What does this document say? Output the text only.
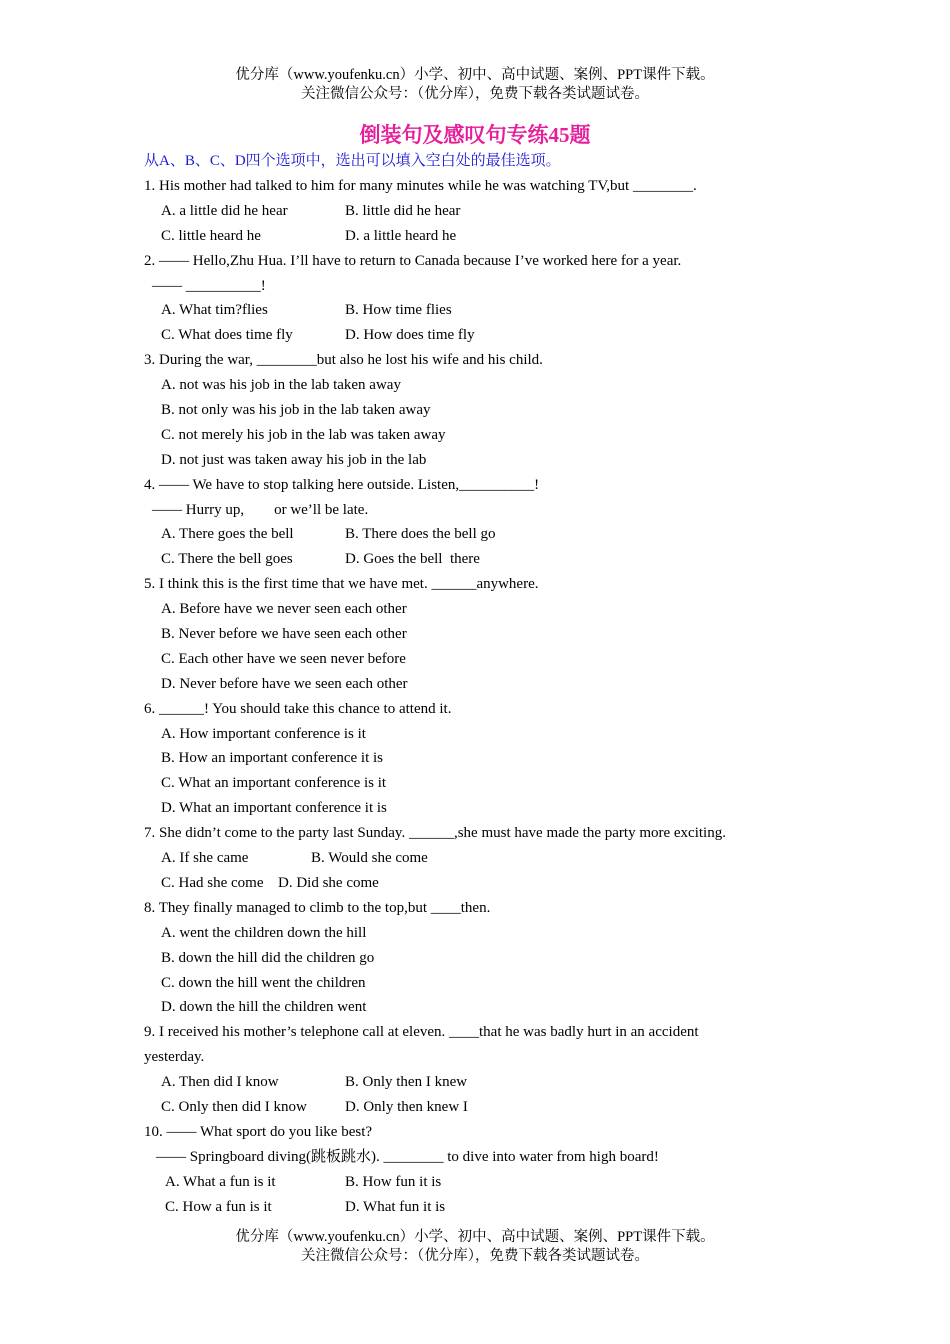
优分库（www.youfenku.cn）小学、初中、高中试题、案例、PPT课件下载。
关注微信公众号：（优分库），免费下载各类试题试卷。
倒装句及感叹句专练45题
从A、B、C、D四个选项中，选出可以填入空白处的最佳选项。
1. His mother had talked to him for many minutes while he was watching TV,but ________.
A. a little did he hear	B. little did he hear
C. little heard he	D. a little heard he
2. —— Hello,Zhu Hua. I’ll have to return to Canada because I’ve worked here for a year.
—— __________!
A. What tim?flies	B. How time flies
C. What does time fly	D. How does time fly
3. During the war, ________but also he lost his wife and his child.
A. not was his job in the lab taken away
B. not only was his job in the lab taken away
C. not merely his job in the lab was taken away
D. not just was taken away his job in the lab
4. —— We have to stop talking here outside. Listen,__________!
—— Hurry up,        or we’ll be late.
A. There goes the bell	B. There does the bell go
C. There the bell goes	D. Goes the bell  there
5. I think this is the first time that we have met. ______anywhere.
A. Before have we never seen each other
B. Never before we have seen each other
C. Each other have we seen never before
D. Never before have we seen each other
6. ______! You should take this chance to attend it.
A. How important conference is it
B. How an important conference it is
C. What an important conference is it
D. What an important conference it is
7. She didn’t come to the party last Sunday. ______,she must have made the party more exciting.
A. If she came	B. Would she come
C. Had she come D. Did she come
8. They finally managed to climb to the top,but ____then.
A. went the children down the hill
B. down the hill did the children go
C. down the hill went the children
D. down the hill the children went
9. I received his mother’s telephone call at eleven. ____that he was badly hurt in an accident
yesterday.
A. Then did I know	B. Only then I knew
C. Only then did I know	D. Only then knew I
10. —— What sport do you like best?
—— Springboard diving(跳板跳水). ________ to dive into water from high board!
A. What a fun is it	B. How fun it is
C. How a fun is it	D. What fun it is
优分库（www.youfenku.cn）小学、初中、高中试题、案例、PPT课件下载。
关注微信公众号：（优分库），免费下载各类试题试卷。
